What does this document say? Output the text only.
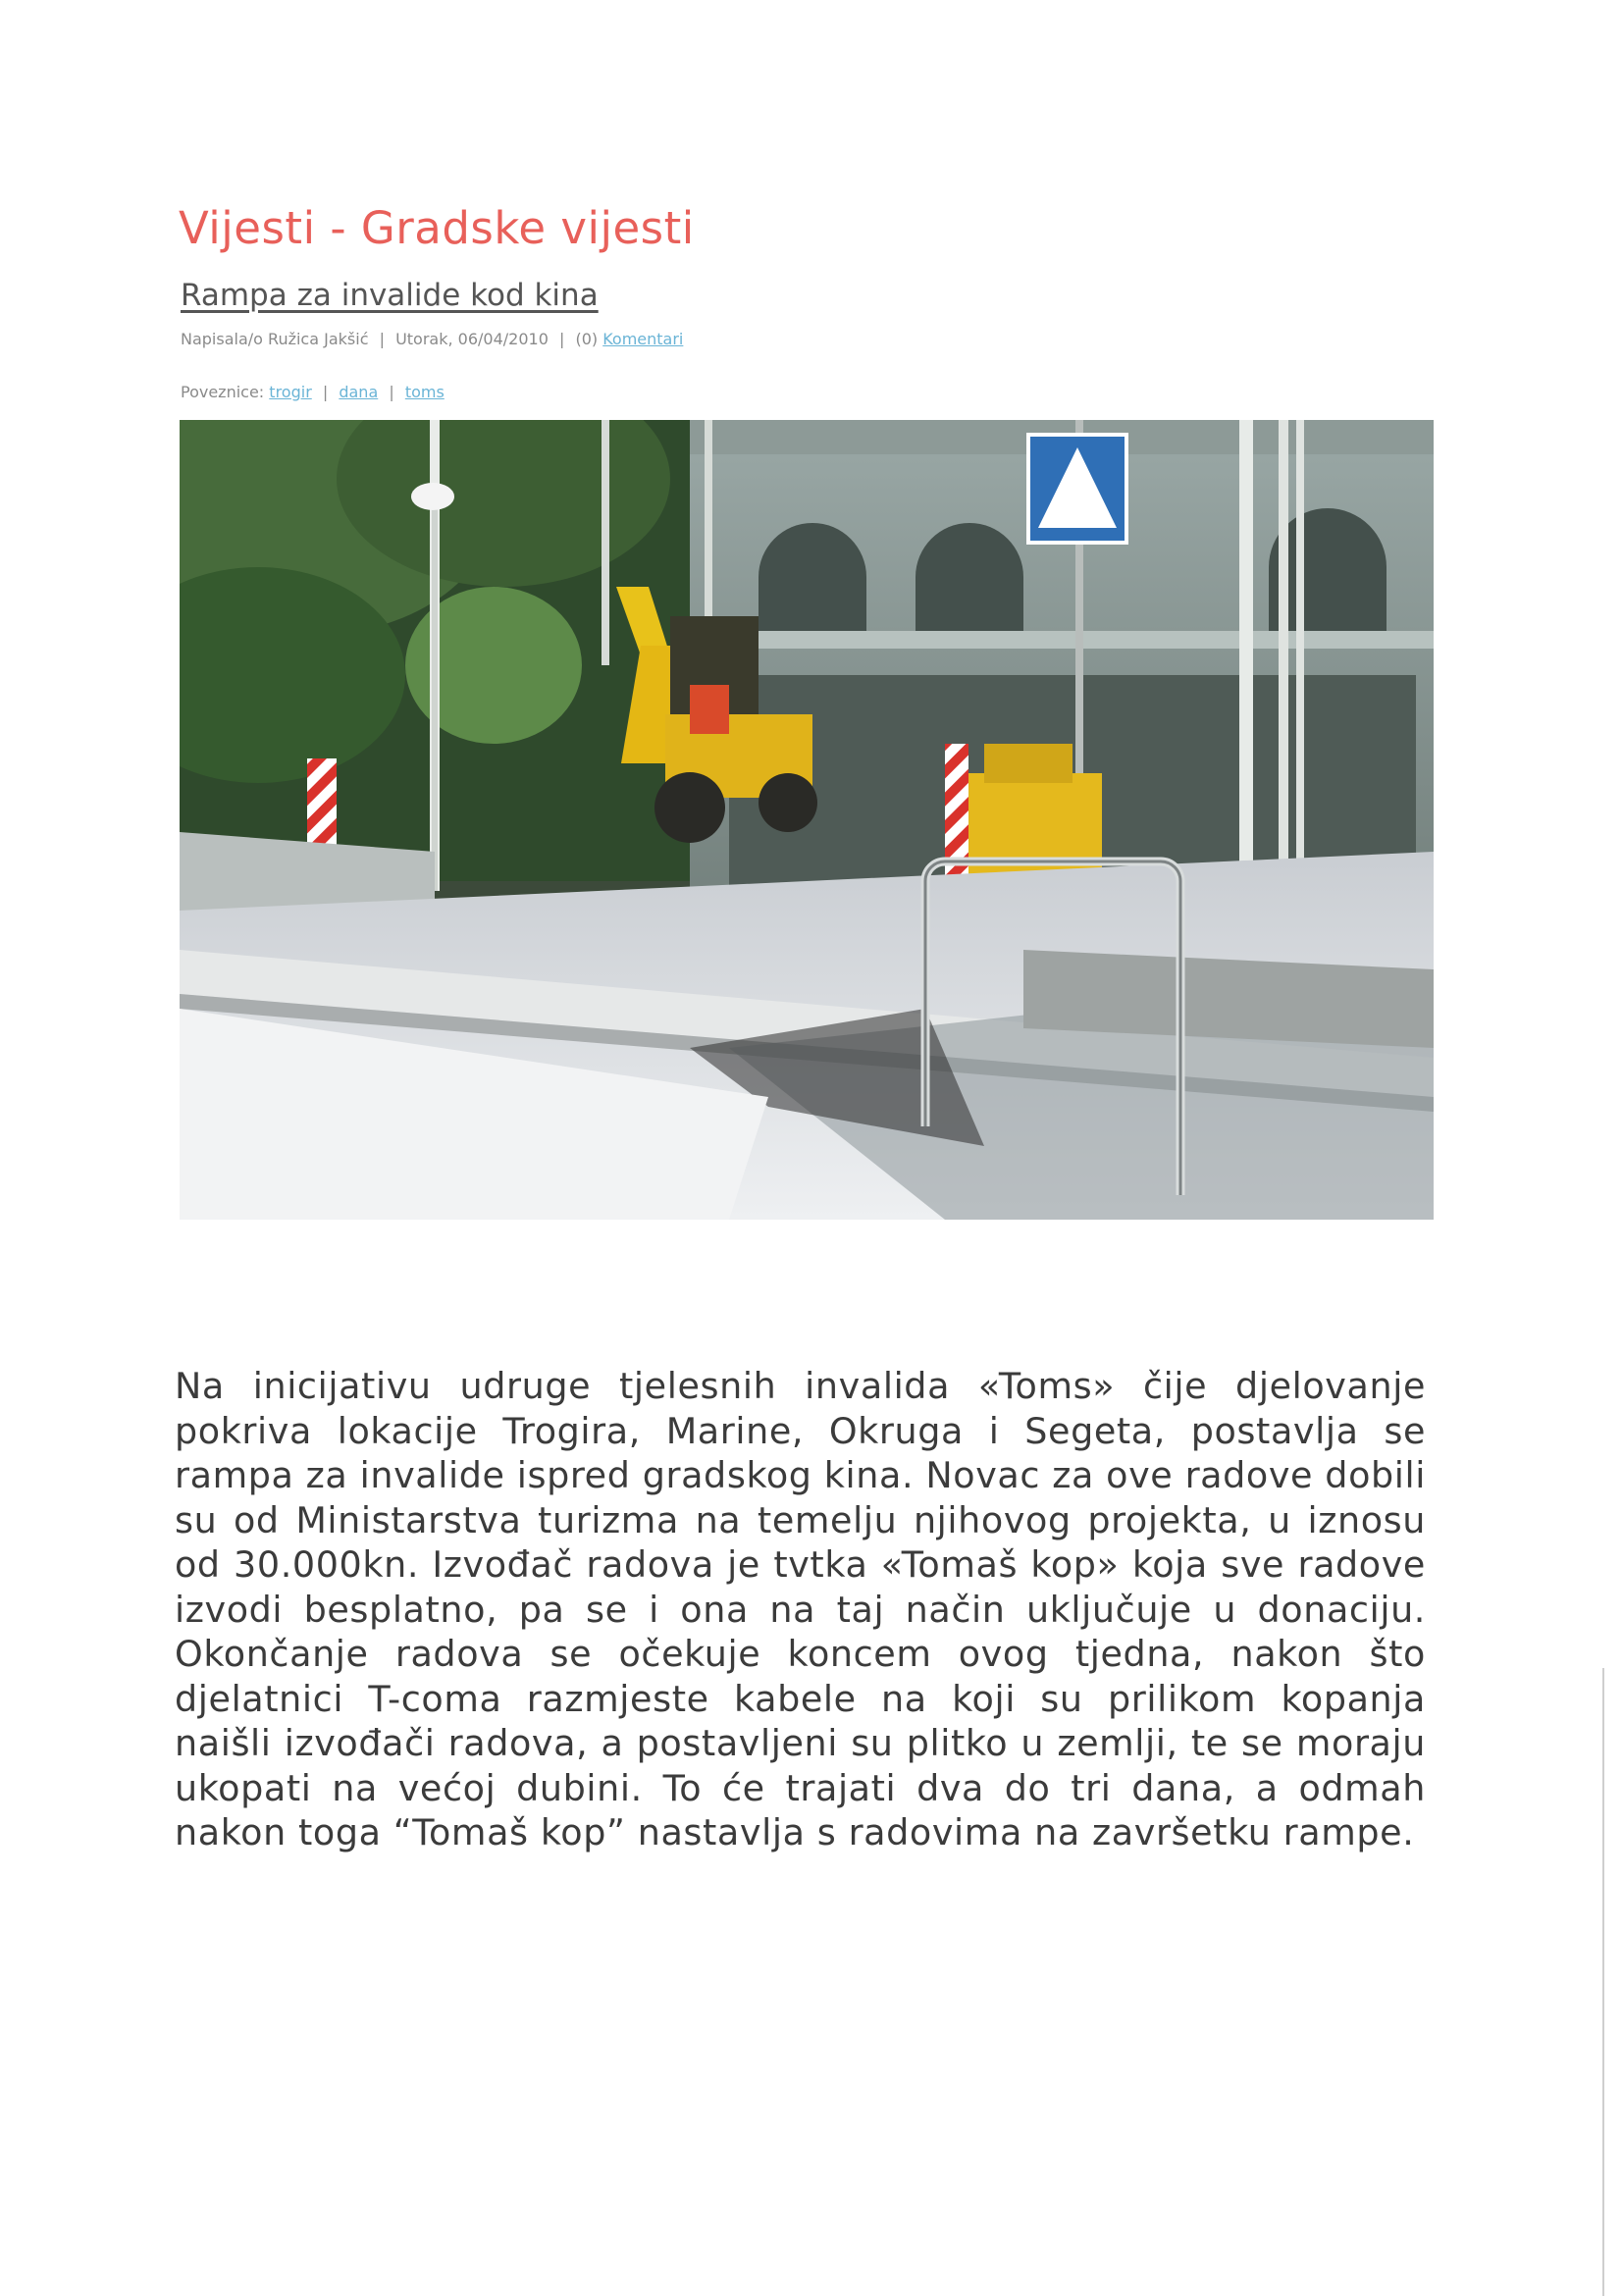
Vijesti - Gradske vijesti
Rampa za invalide kod kina
Napisala/o Ružica Jakšić | Utorak, 06/04/2010 | (0) Komentari
Poveznice: trogir | dana | toms
Na inicijativu udruge tjelesnih invalida «Toms» čije djelovanje pokriva lokacije Trogira, Marine, Okruga i Segeta, postavlja se rampa za invalide ispred gradskog kina. Novac za ove radove dobili su od Ministarstva turizma na temelju njihovog projekta, u iznosu od 30.000kn. Izvođač radova je tvtka «Tomaš kop» koja sve radove izvodi besplatno, pa se i ona na taj način uključuje u donaciju. Okončanje radova se očekuje koncem ovog tjedna, nakon što djelatnici T-coma razmjeste kabele na koji su prilikom kopanja naišli izvođači radova, a postavljeni su plitko u zemlji, te se moraju ukopati na većoj dubini. To će trajati dva do tri dana, a odmah nakon toga “Tomaš kop” nastavlja s radovima na završetku rampe.
